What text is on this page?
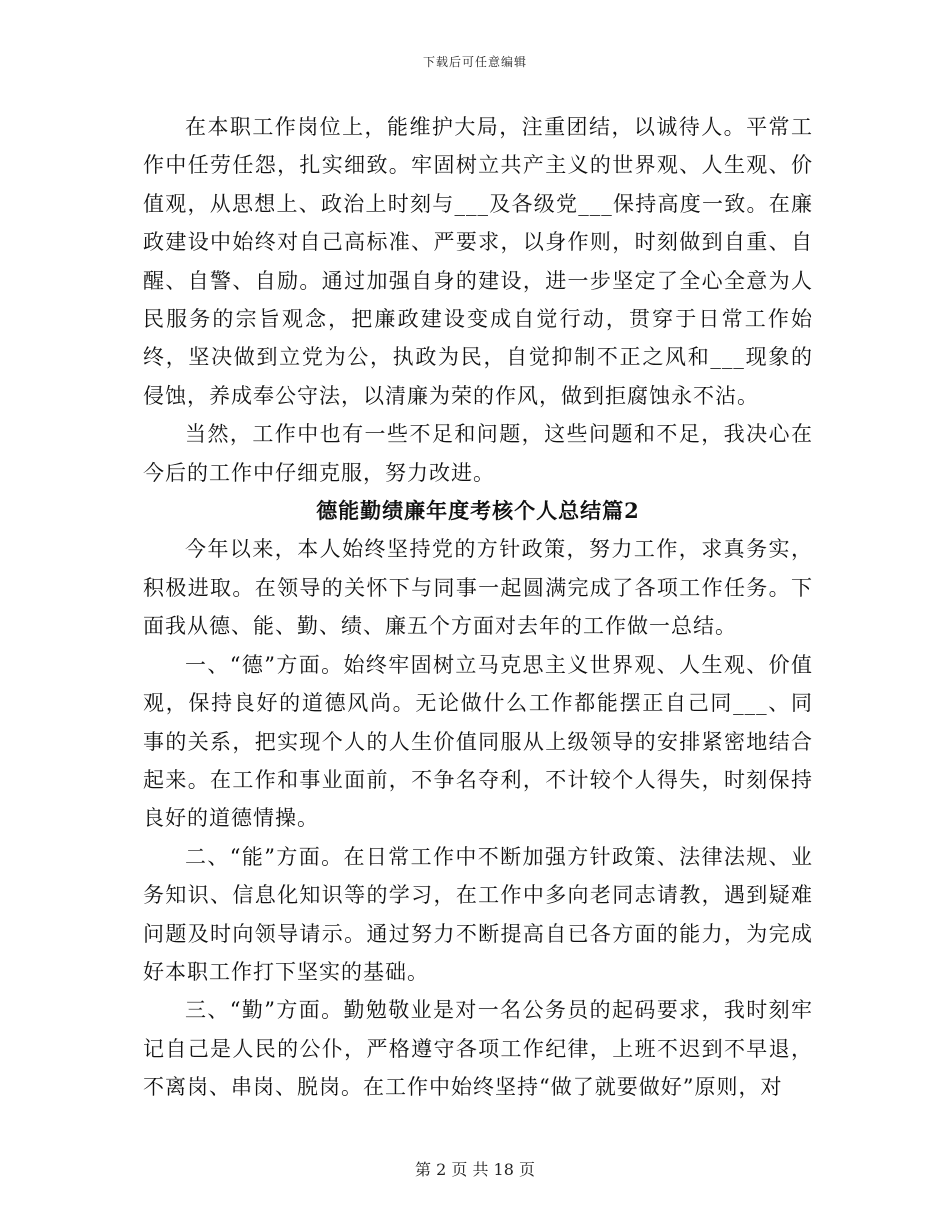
下载后可任意编辑

在本职工作岗位上，能维护大局，注重团结，以诚待人。平常工作中任劳任怨，扎实细致。牢固树立共产主义的世界观、人生观、价值观，从思想上、政治上时刻与___及各级党___保持高度一致。在廉政建设中始终对自己高标准、严要求，以身作则，时刻做到自重、自醒、自警、自励。通过加强自身的建设，进一步坚定了全心全意为人民服务的宗旨观念，把廉政建设变成自觉行动，贯穿于日常工作始终，坚决做到立党为公，执政为民，自觉抑制不正之风和___现象的侵蚀，养成奉公守法，以清廉为荣的作风，做到拒腐蚀永不沾。

当然，工作中也有一些不足和问题，这些问题和不足，我决心在今后的工作中仔细克服，努力改进。

德能勤绩廉年度考核个人总结篇2

今年以来，本人始终坚持党的方针政策，努力工作，求真务实，积极进取。在领导的关怀下与同事一起圆满完成了各项工作任务。下面我从德、能、勤、绩、廉五个方面对去年的工作做一总结。

一、“德”方面。始终牢固树立马克思主义世界观、人生观、价值观，保持良好的道德风尚。无论做什么工作都能摆正自己同___、同事的关系，把实现个人的人生价值同服从上级领导的安排紧密地结合起来。在工作和事业面前，不争名夺利，不计较个人得失，时刻保持良好的道德情操。

二、“能”方面。在日常工作中不断加强方针政策、法律法规、业务知识、信息化知识等的学习，在工作中多向老同志请教，遇到疑难问题及时向领导请示。通过努力不断提高自已各方面的能力，为完成好本职工作打下坚实的基础。

三、“勤”方面。勤勉敬业是对一名公务员的起码要求，我时刻牢记自己是人民的公仆，严格遵守各项工作纪律，上班不迟到不早退，不离岗、串岗、脱岗。在工作中始终坚持“做了就要做好”原则，对

第 2 页 共 18 页
